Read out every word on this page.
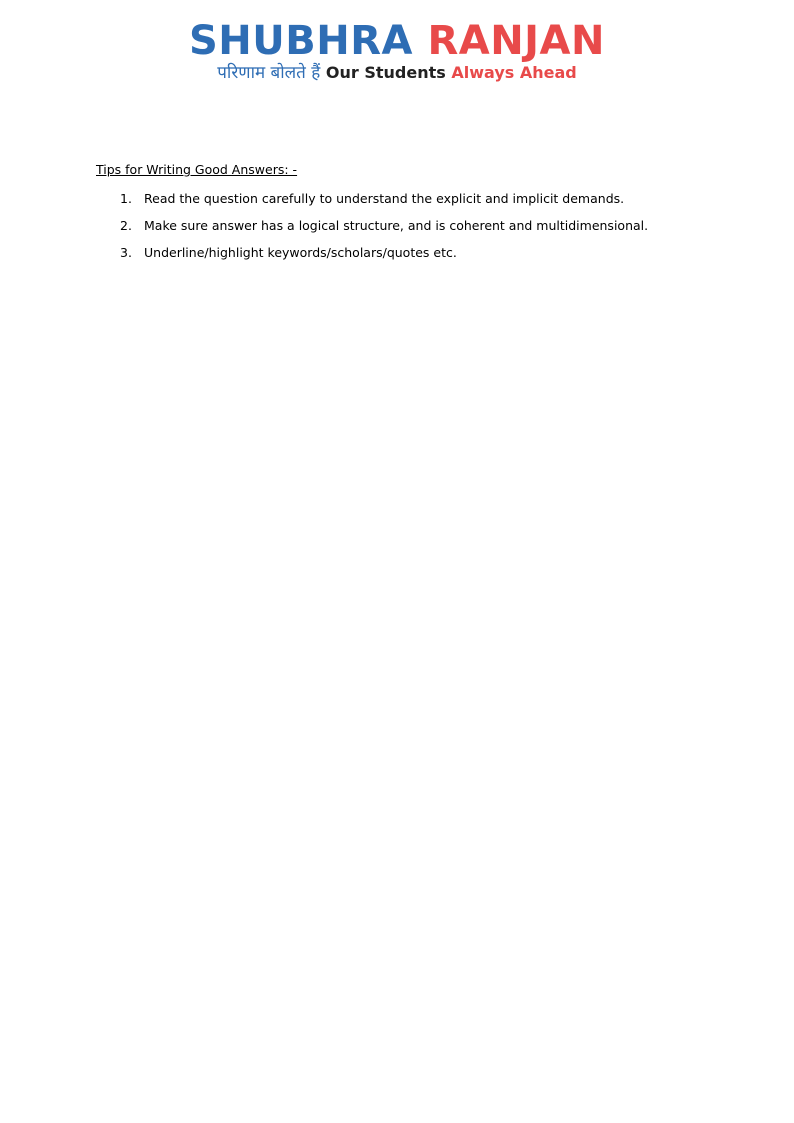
SHUBHRA RANJAN
परिणाम बोलते हैं Our Students Always Ahead
Tips for Writing Good Answers: -
1. Read the question carefully to understand the explicit and implicit demands.
2. Make sure answer has a logical structure, and is coherent and multidimensional.
3. Underline/highlight keywords/scholars/quotes etc.
